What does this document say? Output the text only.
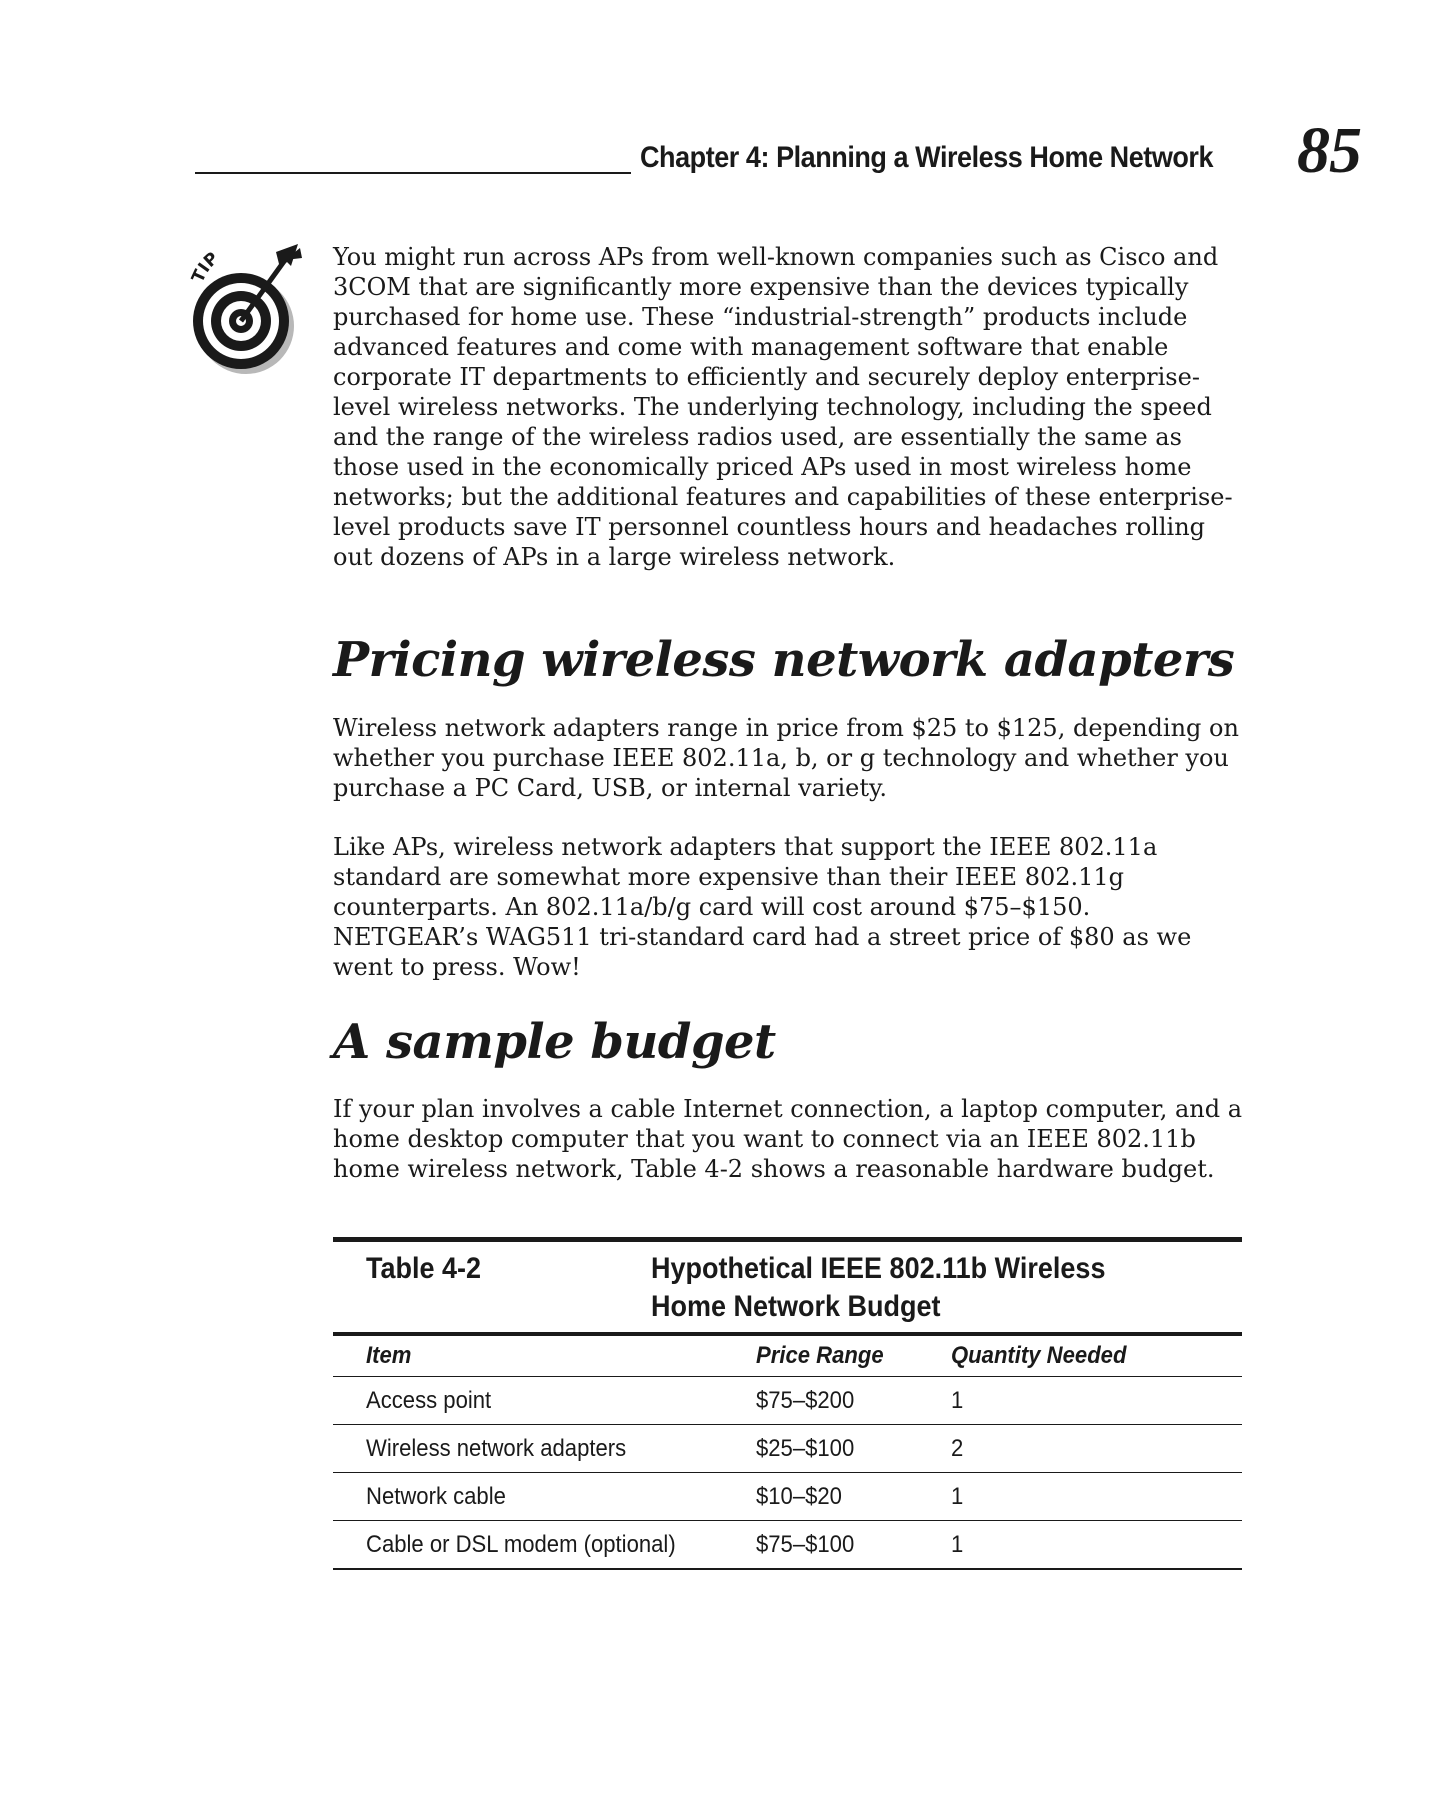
Chapter 4: Planning a Wireless Home Network 85
TIP	You might run across APs from well-known companies such as Cisco and 3COM that are significantly more expensive than the devices typically purchased for home use. These “industrial-strength” products include advanced features and come with management software that enable corporate IT departments to efficiently and securely deploy enterprise-level wireless networks. The underlying technology, including the speed and the range of the wireless radios used, are essentially the same as those used in the economically priced APs used in most wireless home networks; but the additional features and capabilities of these enterprise-level products save IT personnel countless hours and headaches rolling out dozens of APs in a large wireless network.

Pricing wireless network adapters

Wireless network adapters range in price from $25 to $125, depending on whether you purchase IEEE 802.11a, b, or g technology and whether you purchase a PC Card, USB, or internal variety.

Like APs, wireless network adapters that support the IEEE 802.11a standard are somewhat more expensive than their IEEE 802.11g counterparts. An 802.11a/b/g card will cost around $75–$150. NETGEAR’s WAG511 tri-standard card had a street price of $80 as we went to press. Wow!

A sample budget

If your plan involves a cable Internet connection, a laptop computer, and a home desktop computer that you want to connect via an IEEE 802.11b home wireless network, Table 4-2 shows a reasonable hardware budget.

Table 4-2	Hypothetical IEEE 802.11b Wireless
Home Network Budget
Item	Price Range	Quantity Needed
Access point	$75–$200	1
Wireless network adapters	$25–$100	2
Network cable	$10–$20	1
Cable or DSL modem (optional)	$75–$100	1
